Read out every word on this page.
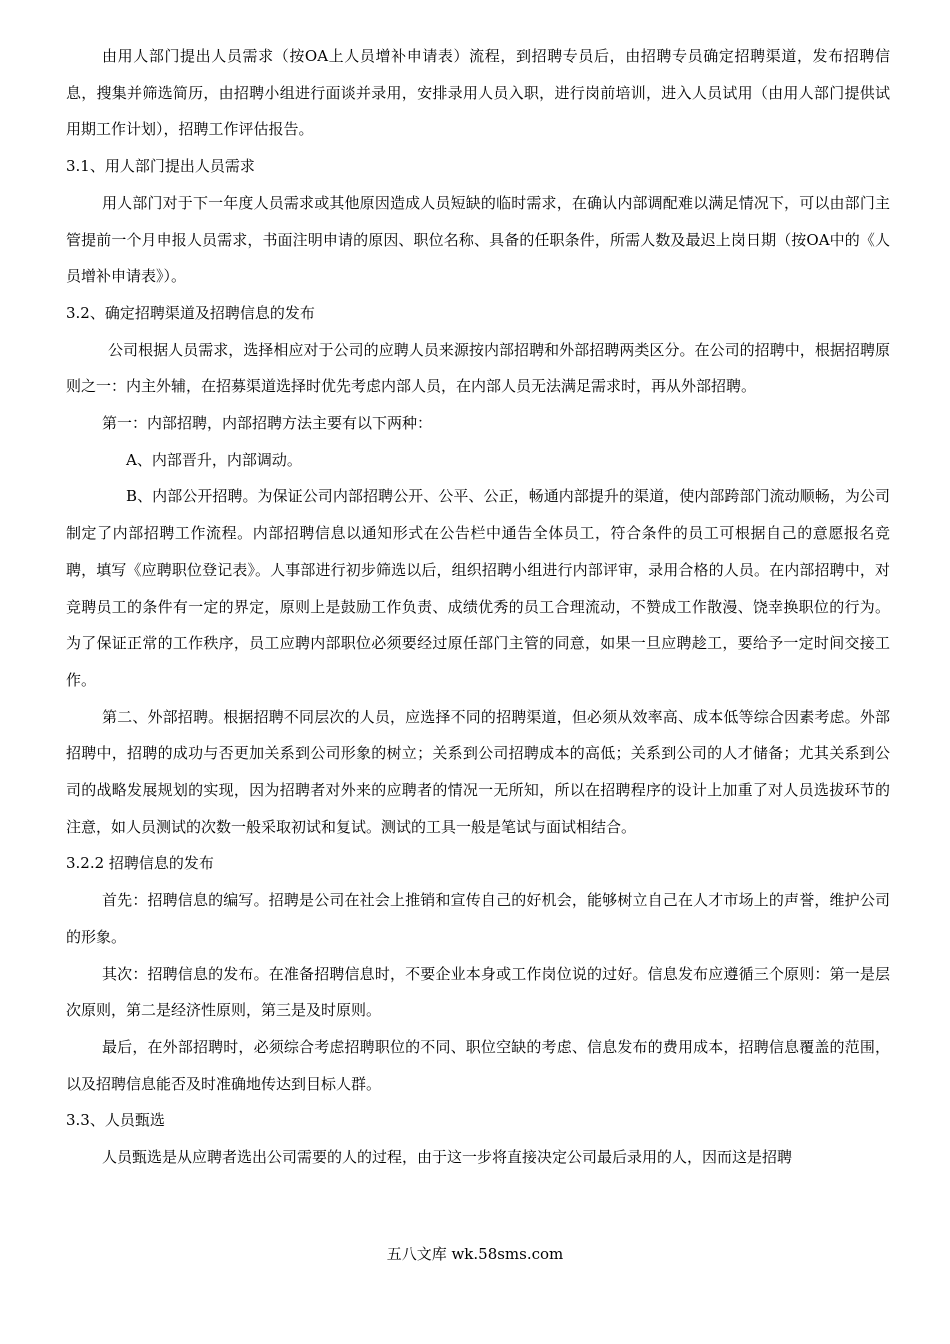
由用人部门提出人员需求（按OA上人员增补申请表）流程，到招聘专员后，由招聘专员确定招聘渠道，发布招聘信息，搜集并筛选简历，由招聘小组进行面谈并录用，安排录用人员入职，进行岗前培训，进入人员试用（由用人部门提供试用期工作计划），招聘工作评估报告。

3.1、用人部门提出人员需求

用人部门对于下一年度人员需求或其他原因造成人员短缺的临时需求，在确认内部调配难以满足情况下，可以由部门主管提前一个月申报人员需求，书面注明申请的原因、职位名称、具备的任职条件，所需人数及最迟上岗日期（按OA中的《人员增补申请表》）。

3.2、确定招聘渠道及招聘信息的发布

公司根据人员需求，选择相应对于公司的应聘人员来源按内部招聘和外部招聘两类区分。在公司的招聘中，根据招聘原则之一：内主外辅，在招募渠道选择时优先考虑内部人员，在内部人员无法满足需求时，再从外部招聘。

第一：内部招聘，内部招聘方法主要有以下两种：

A、内部晋升，内部调动。

B、内部公开招聘。为保证公司内部招聘公开、公平、公正，畅通内部提升的渠道，使内部跨部门流动顺畅，为公司制定了内部招聘工作流程。内部招聘信息以通知形式在公告栏中通告全体员工，符合条件的员工可根据自己的意愿报名竞聘，填写《应聘职位登记表》。人事部进行初步筛选以后，组织招聘小组进行内部评审，录用合格的人员。在内部招聘中，对竞聘员工的条件有一定的界定，原则上是鼓励工作负责、成绩优秀的员工合理流动，不赞成工作散漫、饶幸换职位的行为。为了保证正常的工作秩序，员工应聘内部职位必须要经过原任部门主管的同意，如果一旦应聘趁工，要给予一定时间交接工作。

第二、外部招聘。根据招聘不同层次的人员，应选择不同的招聘渠道，但必须从效率高、成本低等综合因素考虑。外部招聘中，招聘的成功与否更加关系到公司形象的树立；关系到公司招聘成本的高低；关系到公司的人才储备；尤其关系到公司的战略发展规划的实现，因为招聘者对外来的应聘者的情况一无所知，所以在招聘程序的设计上加重了对人员选拔环节的注意，如人员测试的次数一般采取初试和复试。测试的工具一般是笔试与面试相结合。

3.2.2 招聘信息的发布

首先：招聘信息的编写。招聘是公司在社会上推销和宣传自己的好机会，能够树立自己在人才市场上的声誉，维护公司的形象。

其次：招聘信息的发布。在准备招聘信息时，不要企业本身或工作岗位说的过好。信息发布应遵循三个原则：第一是层次原则，第二是经济性原则，第三是及时原则。

最后，在外部招聘时，必须综合考虑招聘职位的不同、职位空缺的考虑、信息发布的费用成本，招聘信息覆盖的范围，以及招聘信息能否及时准确地传达到目标人群。

3.3、人员甄选

人员甄选是从应聘者选出公司需要的人的过程，由于这一步将直接决定公司最后录用的人，因而这是招聘

五八文库 wk.58sms.com
